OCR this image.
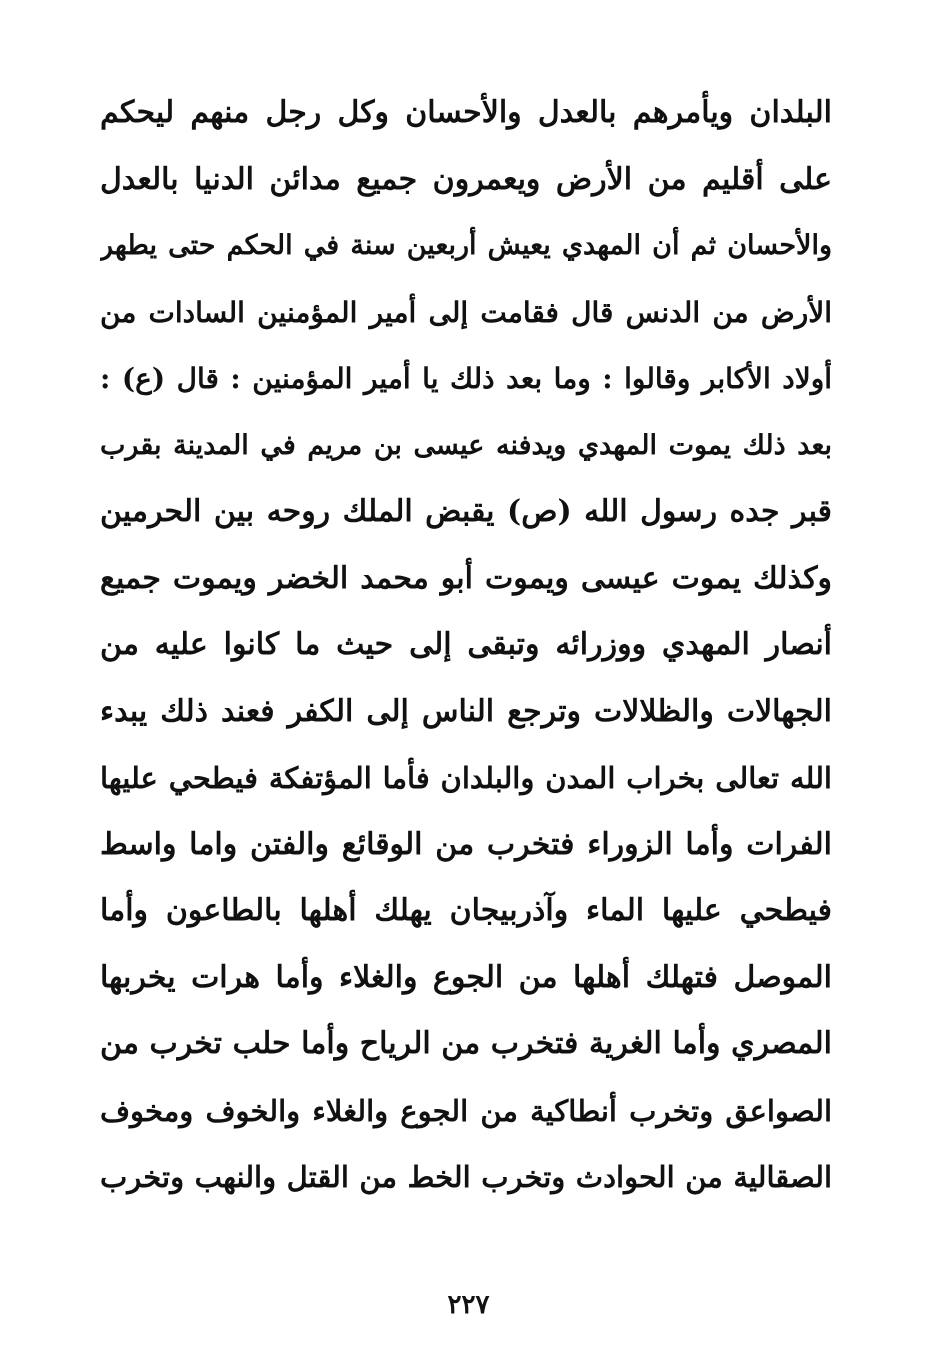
البلدان ويأمرهم بالعدل والأحسان وكل رجل منهم ليحكم
على أقليم من الأرض ويعمرون جميع مدائن الدنيا بالعدل
والأحسان ثم أن المهدي يعيش أربعين سنة في الحكم حتى يطهر
الأرض من الدنس قال فقامت إلى أمير المؤمنين السادات من
أولاد الأكابر وقالوا : وما بعد ذلك يا أمير المؤمنين : قال (ع) :
بعد ذلك يموت المهدي ويدفنه عيسى بن مريم في المدينة بقرب
قبر جده رسول الله (ص) يقبض الملك روحه بين الحرمين
وكذلك يموت عيسى ويموت أبو محمد الخضر ويموت جميع
أنصار المهدي ووزرائه وتبقى إلى حيث ما كانوا عليه من
الجهالات والظلالات وترجع الناس إلى الكفر فعند ذلك يبدء
الله تعالى بخراب المدن والبلدان فأما المؤتفكة فيطحي عليها
الفرات وأما الزوراء فتخرب من الوقائع والفتن واما واسط
فيطحي عليها الماء وآذربيجان يهلك أهلها بالطاعون وأما
الموصل فتهلك أهلها من الجوع والغلاء وأما هرات يخربها
المصري وأما الغرية فتخرب من الرياح وأما حلب تخرب من
الصواعق وتخرب أنطاكية من الجوع والغلاء والخوف ومخوف
الصقالية من الحوادث وتخرب الخط من القتل والنهب وتخرب
٢٢٧
